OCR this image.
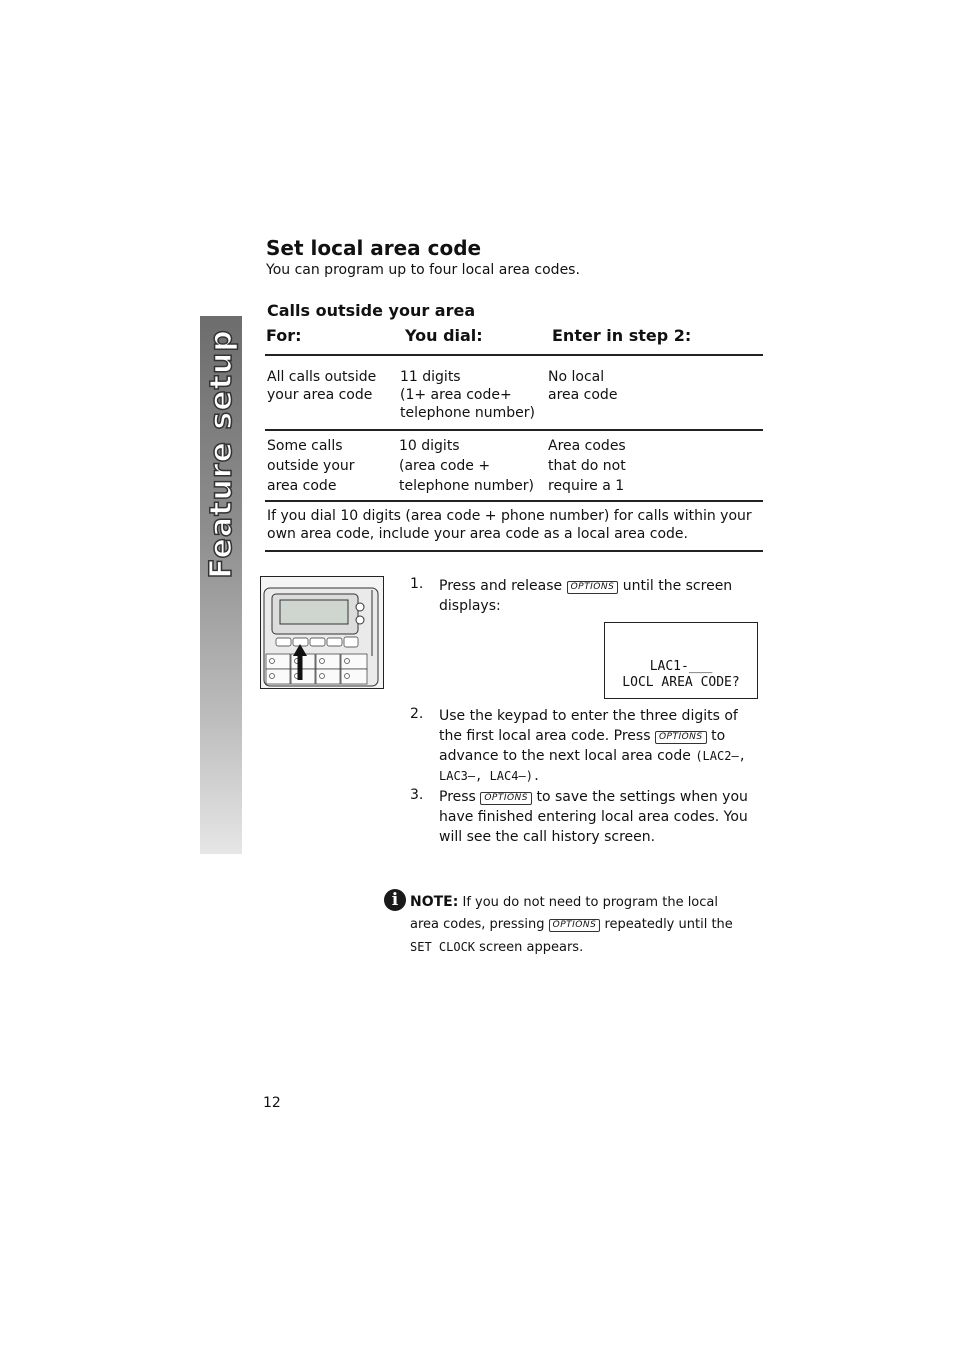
Feature setup
Set local area code
You can program up to four local area codes.
Calls outside your area
For:	You dial:	Enter in step 2:
All calls outside
your area code
11 digits
(1+ area code+
telephone number)
No local
area code
Some calls
outside your
area code
10 digits
(area code +
telephone number)
Area codes
that do not
require a 1
If you dial 10 digits (area code + phone number) for calls within your own area code, include your area code as a local area code.
1. Press and release OPTIONS until the screen displays:
LAC1-___
LOCL AREA CODE?
2. Use the keypad to enter the three digits of the first local area code. Press OPTIONS to advance to the next local area code (LAC2–, LAC3–, LAC4–).
3. Press OPTIONS to save the settings when you have finished entering local area codes. You will see the call history screen.
i NOTE: If you do not need to program the local area codes, pressing OPTIONS repeatedly until the SET CLOCK screen appears.
12
